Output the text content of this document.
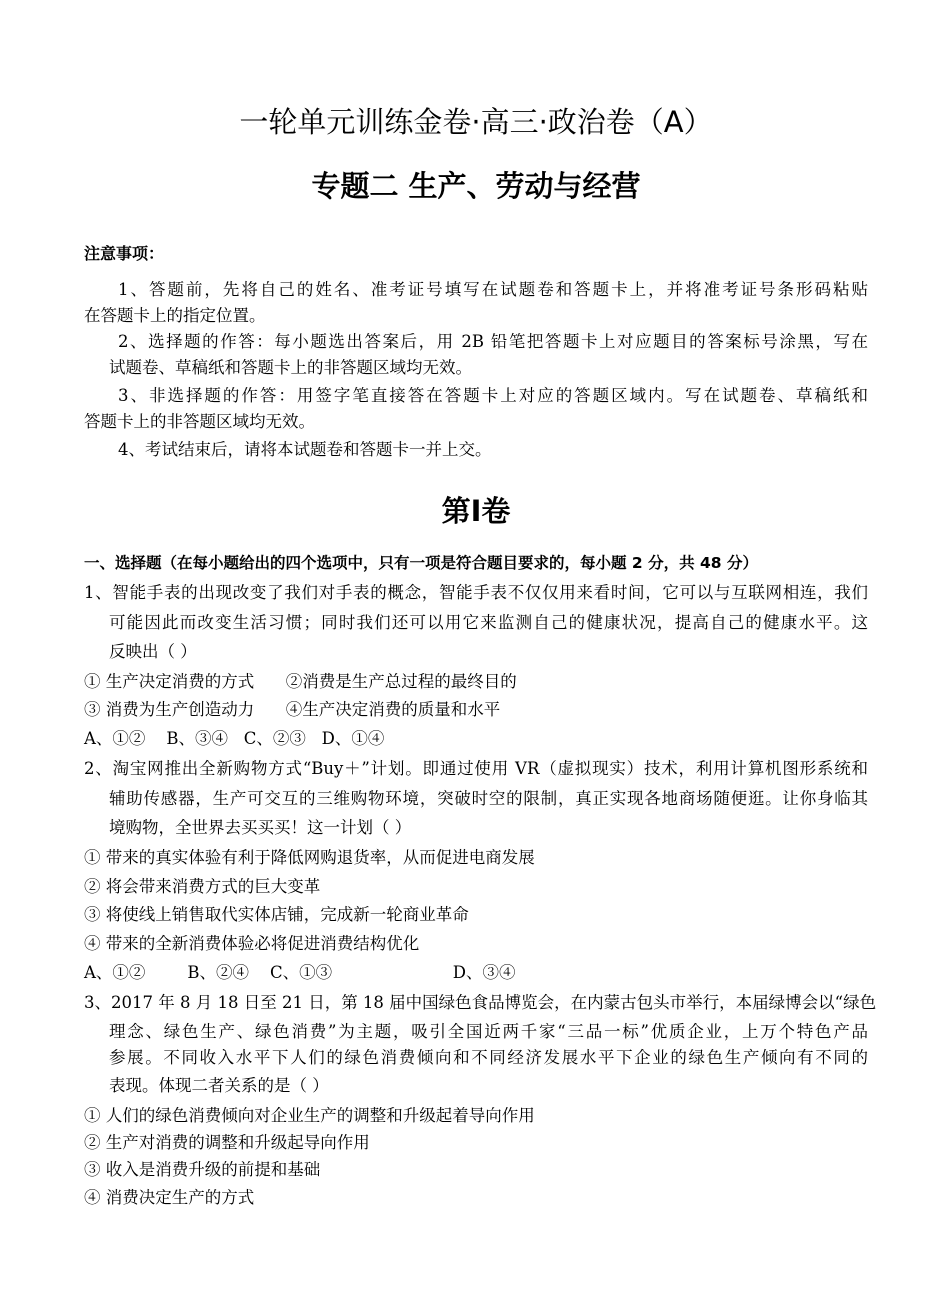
一轮单元训练金卷·高三·政治卷（A）
专题二 生产、劳动与经营
注意事项：
1、答题前，先将自己的姓名、准考证号填写在试题卷和答题卡上，并将准考证号条形码粘贴
在答题卡上的指定位置。
2、选择题的作答：每小题选出答案后，用 2B 铅笔把答题卡上对应题目的答案标号涂黑，写在
试题卷、草稿纸和答题卡上的非答题区域均无效。
3、非选择题的作答：用签字笔直接答在答题卡上对应的答题区域内。写在试题卷、草稿纸和
答题卡上的非答题区域均无效。
4、考试结束后，请将本试题卷和答题卡一并上交。
第Ⅰ卷
一、选择题（在每小题给出的四个选项中，只有一项是符合题目要求的，每小题 2 分，共 48 分）
1、智能手表的出现改变了我们对手表的概念，智能手表不仅仅用来看时间，它可以与互联网相连，我们
可能因此而改变生活习惯；同时我们还可以用它来监测自己的健康状况，提高自己的健康水平。这
反映出（ ）
① 生产决定消费的方式      ②消费是生产总过程的最终目的
③ 消费为生产创造动力      ④生产决定消费的质量和水平
A、①②    B、③④   C、②③   D、①④
2、淘宝网推出全新购物方式“Buy＋”计划。即通过使用 VR（虚拟现实）技术，利用计算机图形系统和
辅助传感器，生产可交互的三维购物环境，突破时空的限制，真正实现各地商场随便逛。让你身临其
境购物，全世界去买买买！这一计划（ ）
① 带来的真实体验有利于降低网购退货率，从而促进电商发展
② 将会带来消费方式的巨大变革
③ 将使线上销售取代实体店铺，完成新一轮商业革命
④ 带来的全新消费体验必将促进消费结构优化
A、①②        B、②④    C、①③                       D、③④
3、2017 年 8 月 18 日至 21 日，第 18 届中国绿色食品博览会，在内蒙古包头市举行，本届绿博会以“绿色
理念、绿色生产、绿色消费”为主题，吸引全国近两千家“三品一标”优质企业，上万个特色产品
参展。不同收入水平下人们的绿色消费倾向和不同经济发展水平下企业的绿色生产倾向有不同的
表现。体现二者关系的是（ ）
① 人们的绿色消费倾向对企业生产的调整和升级起着导向作用
② 生产对消费的调整和升级起导向作用
③ 收入是消费升级的前提和基础
④ 消费决定生产的方式
